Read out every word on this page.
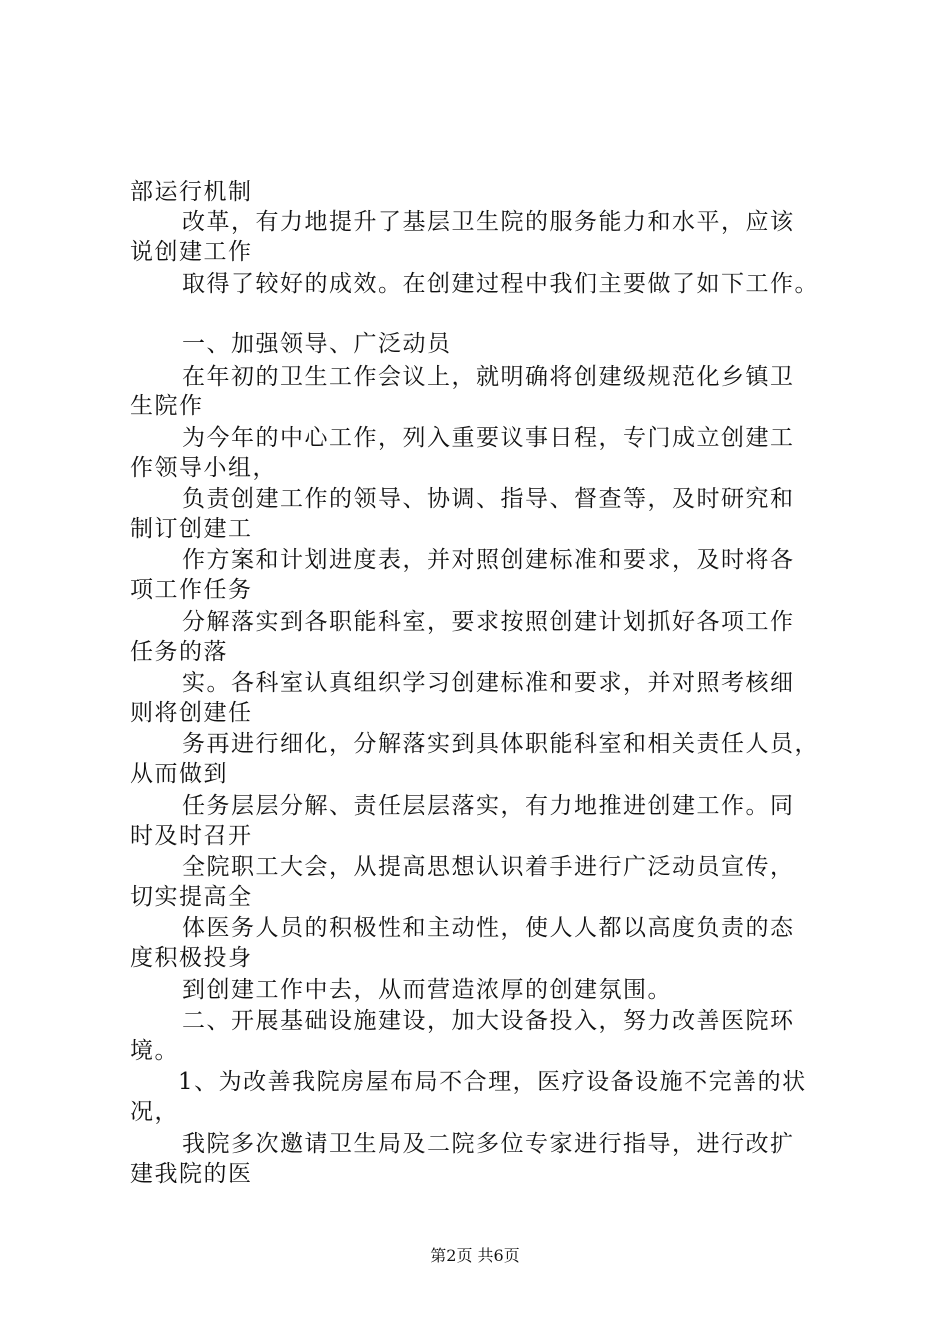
部运行机制
改革，有力地提升了基层卫生院的服务能力和水平，应该
说创建工作
取得了较好的成效。在创建过程中我们主要做了如下工作。
一、加强领导、广泛动员
在年初的卫生工作会议上，就明确将创建级规范化乡镇卫
生院作
为今年的中心工作，列入重要议事日程，专门成立创建工
作领导小组，
负责创建工作的领导、协调、指导、督查等，及时研究和
制订创建工
作方案和计划进度表，并对照创建标准和要求，及时将各
项工作任务
分解落实到各职能科室，要求按照创建计划抓好各项工作
任务的落
实。各科室认真组织学习创建标准和要求，并对照考核细
则将创建任
务再进行细化，分解落实到具体职能科室和相关责任人员，
从而做到
任务层层分解、责任层层落实，有力地推进创建工作。同
时及时召开
全院职工大会，从提高思想认识着手进行广泛动员宣传，
切实提高全
体医务人员的积极性和主动性，使人人都以高度负责的态
度积极投身
到创建工作中去，从而营造浓厚的创建氛围。
二、开展基础设施建设，加大设备投入，努力改善医院环
境。
1、为改善我院房屋布局不合理，医疗设备设施不完善的状
况，
我院多次邀请卫生局及二院多位专家进行指导，进行改扩
建我院的医
第2页 共6页
